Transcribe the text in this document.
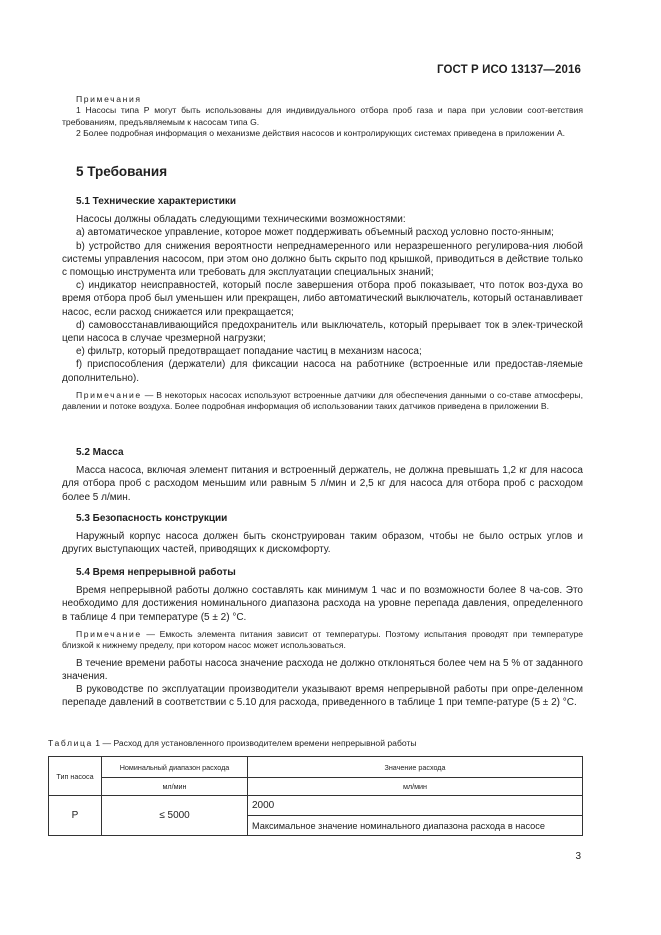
ГОСТ Р ИСО 13137—2016

Примечания

1 Насосы типа Р могут быть использованы для индивидуального отбора проб газа и пара при условии соот-ветствия требованиям, предъявляемым к насосам типа G.

2 Более подробная информация о механизме действия насосов и контролирующих системах приведена в приложении А.

5 Требования
5.1 Технические характеристики

Насосы должны обладать следующими техническими возможностями:

а) автоматическое управление, которое может поддерживать объемный расход условно посто-янным;

b) устройство для снижения вероятности непреднамеренного или неразрешенного регулирова-ния любой системы управления насосом, при этом оно должно быть скрыто под крышкой, приводиться в действие только с помощью инструмента или требовать для эксплуатации специальных знаний;

c) индикатор неисправностей, который после завершения отбора проб показывает, что поток воз-духа во время отбора проб был уменьшен или прекращен, либо автоматический выключатель, который останавливает насос, если расход снижается или прекращается;

d) самовосстанавливающийся предохранитель или выключатель, который прерывает ток в элек-трической цепи насоса в случае чрезмерной нагрузки;

e) фильтр, который предотвращает попадание частиц в механизм насоса;

f) приспособления (держатели) для фиксации насоса на работнике (встроенные или предостав-ляемые дополнительно).

Примечание — В некоторых насосах используют встроенные датчики для обеспечения данными о со-ставе атмосферы, давлении и потоке воздуха. Более подробная информация об использовании таких датчиков приведена в приложении В.

5.2 Масса

Масса насоса, включая элемент питания и встроенный держатель, не должна превышать 1,2 кг для насоса для отбора проб с расходом меньшим или равным 5 л/мин и 2,5 кг для насоса для отбора проб с расходом более 5 л/мин.

5.3 Безопасность конструкции

Наружный корпус насоса должен быть сконструирован таким образом, чтобы не было острых углов и других выступающих частей, приводящих к дискомфорту.

5.4 Время непрерывной работы

Время непрерывной работы должно составлять как минимум 1 час и по возможности более 8 ча-сов. Это необходимо для достижения номинального диапазона расхода на уровне перепада давления, определенного в таблице 4 при температуре (5 ± 2) °С.

Примечание — Емкость элемента питания зависит от температуры. Поэтому испытания проводят при температуре близкой к нижнему пределу, при котором насос может использоваться.

В течение времени работы насоса значение расхода не должно отклоняться более чем на 5 % от заданного значения.

В руководстве по эксплуатации производители указывают время непрерывной работы при опре-деленном перепаде давлений в соответствии с 5.10 для расхода, приведенного в таблице 1 при темпе-ратуре (5 ± 2) °С.

Таблица 1 — Расход для установленного производителем времени непрерывной работы
Тип насоса	Номинальный диапазон расхода	Значение расхода
	мл/мин	мл/мин
P	≤ 5000	2000
		Максимальное значение номинального диапазона расхода в насосе
3
